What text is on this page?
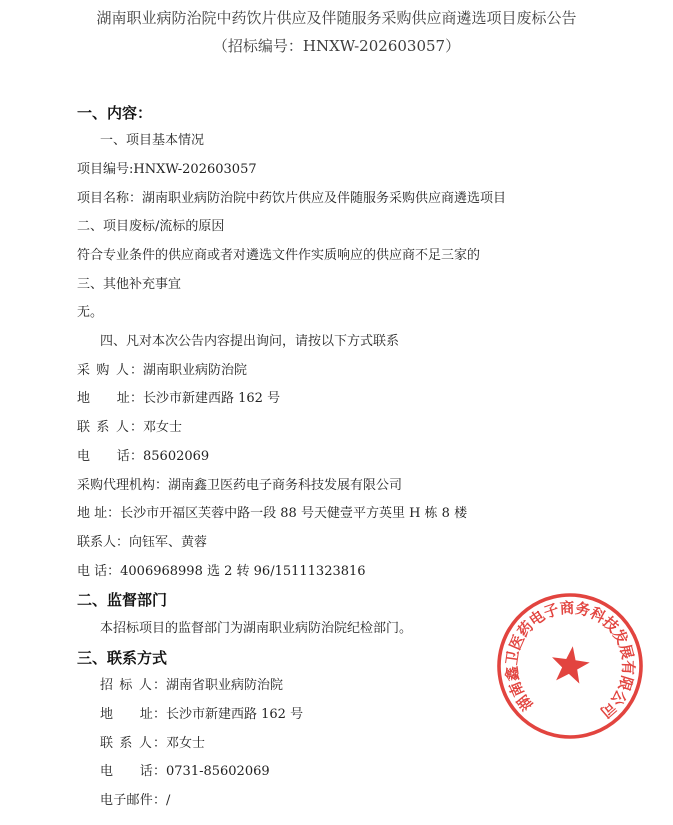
湖南职业病防治院中药饮片供应及伴随服务采购供应商遴选项目废标公告
（招标编号：HNXW-202603057）
一、内容：
一、项目基本情况
项目编号:HNXW-202603057
项目名称：湖南职业病防治院中药饮片供应及伴随服务采购供应商遴选项目
二、项目废标/流标的原因
符合专业条件的供应商或者对遴选文件作实质响应的供应商不足三家的
三、其他补充事宜
无。
四、凡对本次公告内容提出询问，请按以下方式联系
采 购 人：湖南职业病防治院
地　　址：长沙市新建西路 162 号
联 系 人：邓女士
电　　话：85602069
采购代理机构：湖南鑫卫医药电子商务科技发展有限公司
地 址：长沙市开福区芙蓉中路一段 88 号天健壹平方英里 H 栋 8 楼
联系人：向钰军、黄蓉
电 话：4006968998 选 2 转 96/15111323816
二、监督部门
本招标项目的监督部门为湖南职业病防治院纪检部门。
三、联系方式
招 标 人：湖南省职业病防治院
地　　址：长沙市新建西路 162 号
联 系 人：邓女士
电　　话：0731-85602069
电子邮件：/
湖南鑫卫医药电子商务科技发展有限公司
